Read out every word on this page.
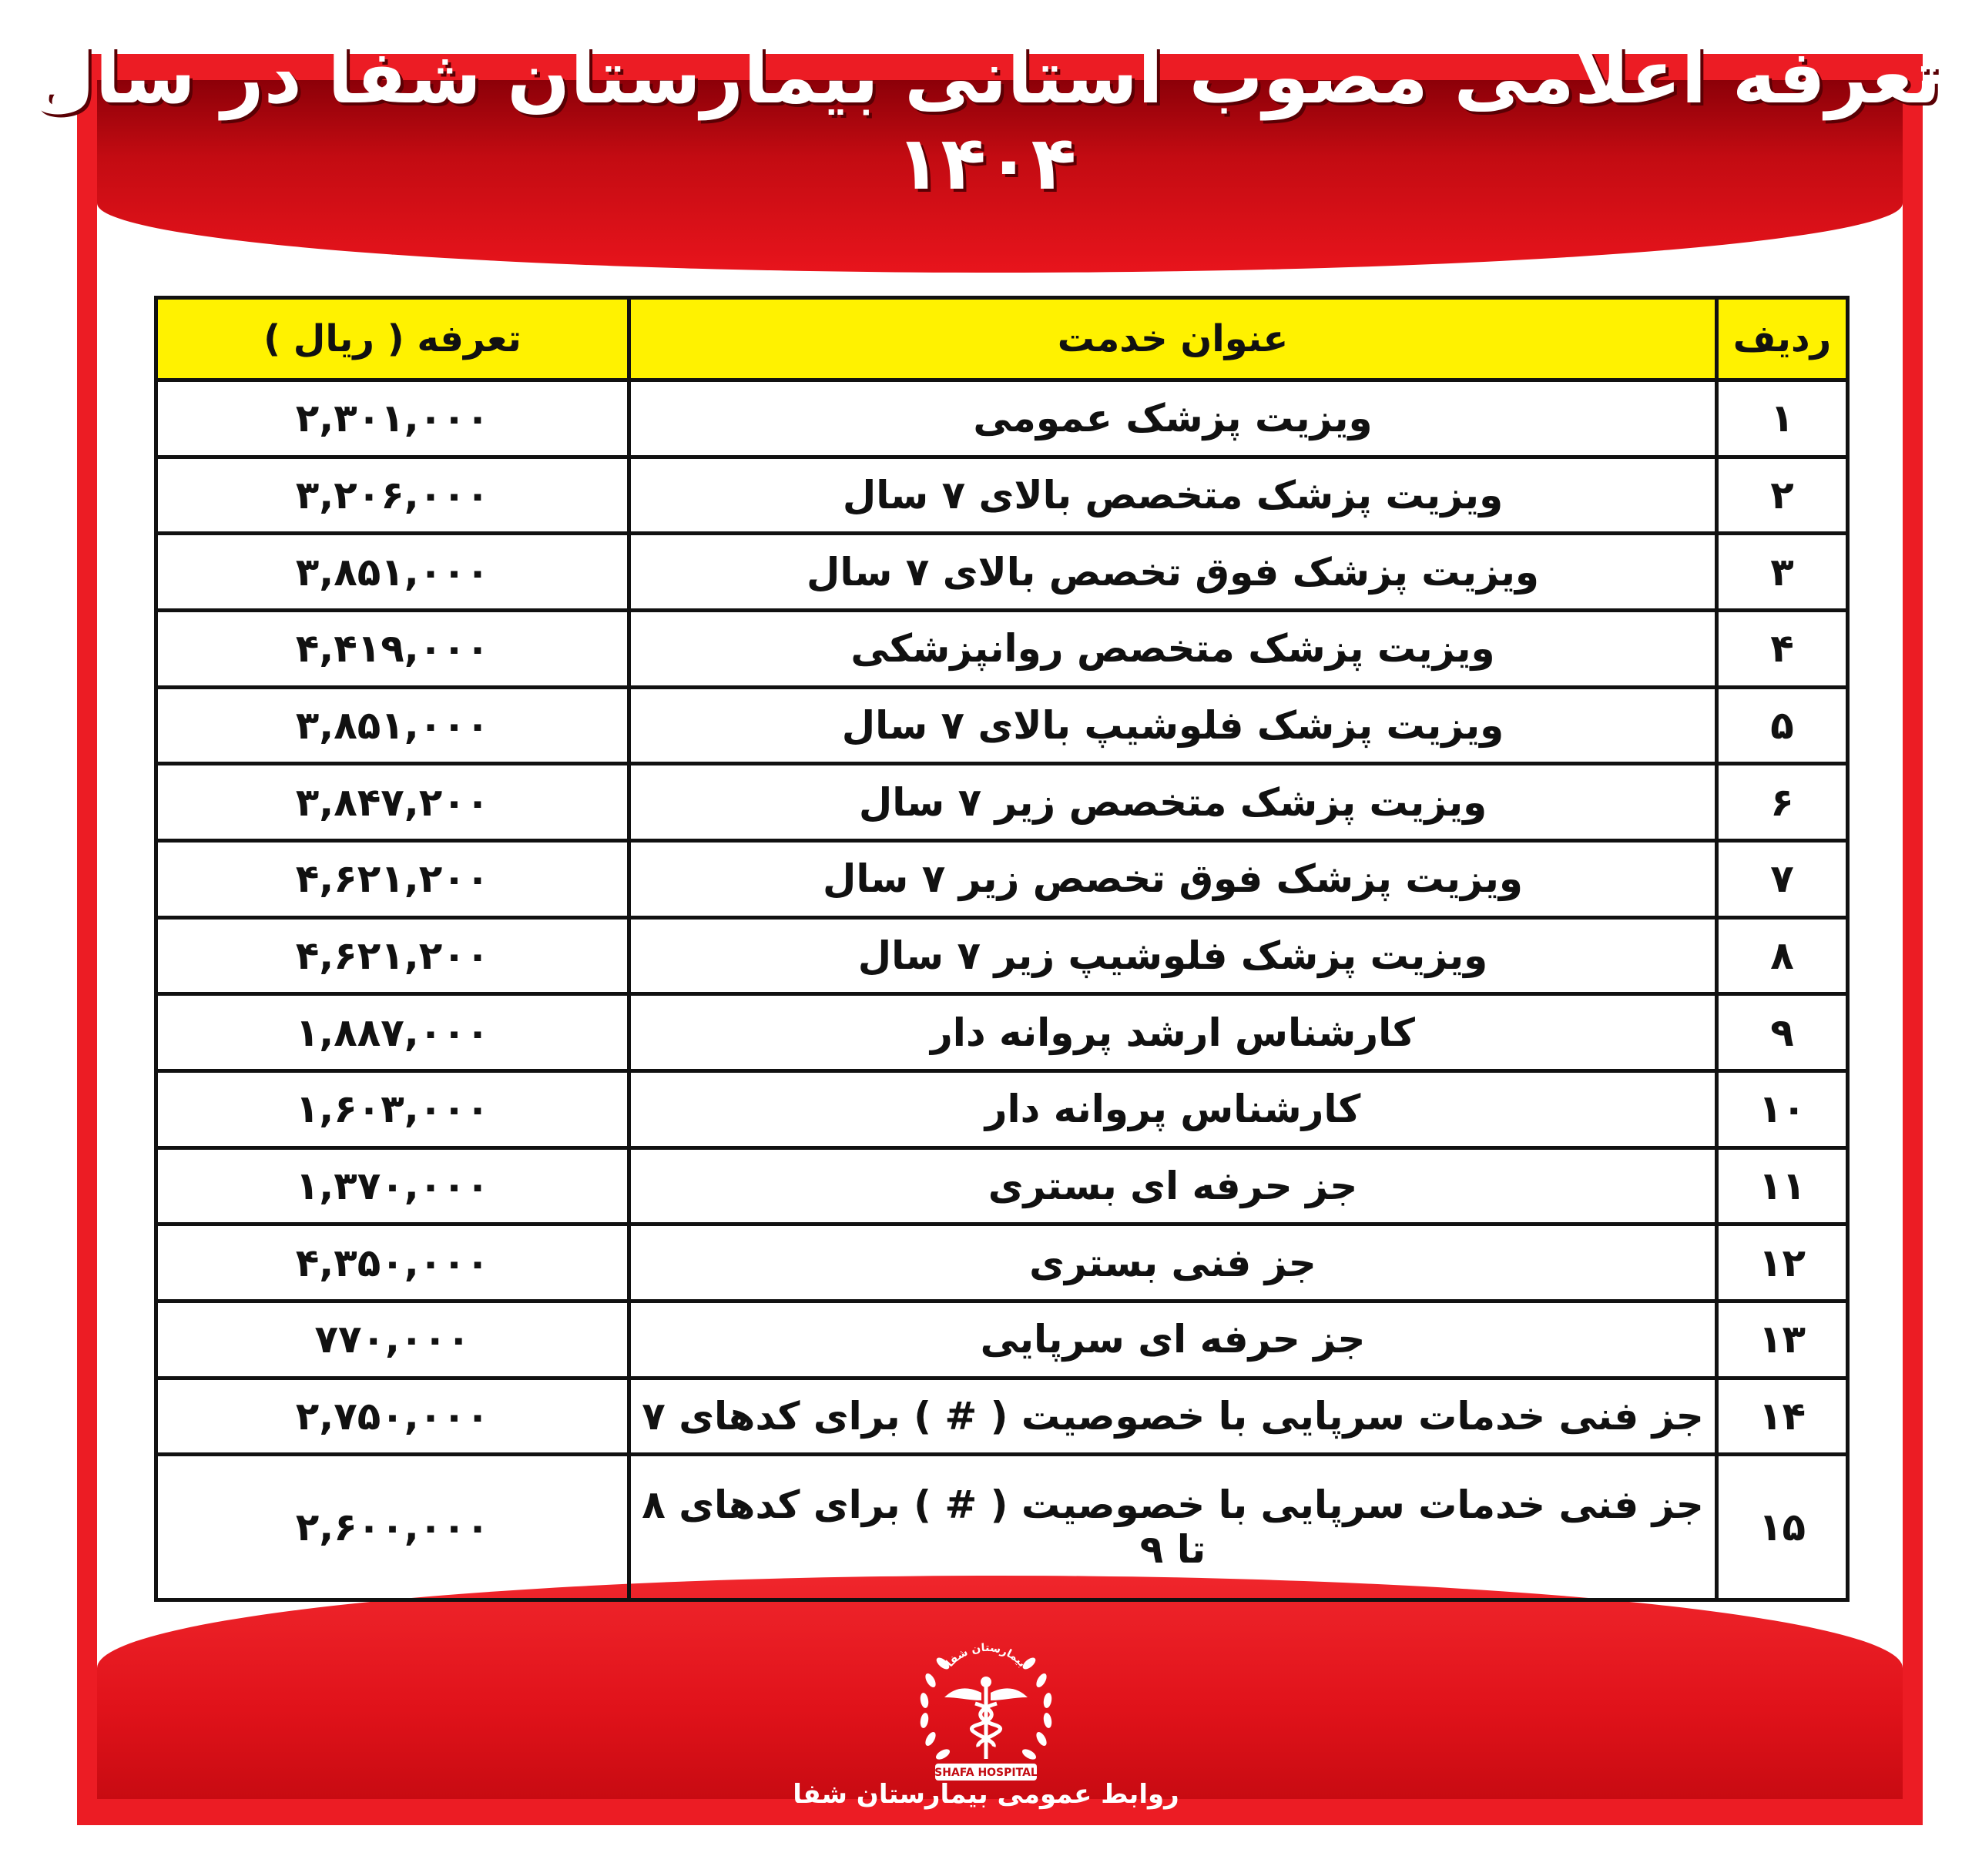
تعرفه اعلامی مصوب استانی بیمارستان شفا در سال ۱۴۰۴
ردیف	عنوان خدمت	تعرفه ( ریال )
۱	ویزیت پزشک عمومی	۲,۳۰۱,۰۰۰
۲	ویزیت پزشک متخصص بالای ۷ سال	۳,۲۰۶,۰۰۰
۳	ویزیت پزشک فوق تخصص بالای ۷ سال	۳,۸۵۱,۰۰۰
۴	ویزیت پزشک متخصص روانپزشکی	۴,۴۱۹,۰۰۰
۵	ویزیت پزشک فلوشیپ بالای ۷ سال	۳,۸۵۱,۰۰۰
۶	ویزیت پزشک متخصص زیر ۷ سال	۳,۸۴۷,۲۰۰
۷	ویزیت پزشک فوق تخصص زیر ۷ سال	۴,۶۲۱,۲۰۰
۸	ویزیت پزشک فلوشیپ زیر ۷ سال	۴,۶۲۱,۲۰۰
۹	کارشناس ارشد پروانه دار	۱,۸۸۷,۰۰۰
۱۰	کارشناس پروانه دار	۱,۶۰۳,۰۰۰
۱۱	جز حرفه ای بستری	۱,۳۷۰,۰۰۰
۱۲	جز فنی بستری	۴,۳۵۰,۰۰۰
۱۳	جز حرفه ای سرپایی	۷۷۰,۰۰۰
۱۴	جز فنی خدمات سرپایی با خصوصیت ( # ) برای کدهای ۷	۲,۷۵۰,۰۰۰
۱۵	جز فنی خدمات سرپایی با خصوصیت ( # ) برای کدهای ۸ تا ۹	۲,۶۰۰,۰۰۰
بیمارستان شفا
SHAFA HOSPITAL
روابط عمومی بیمارستان شفا
